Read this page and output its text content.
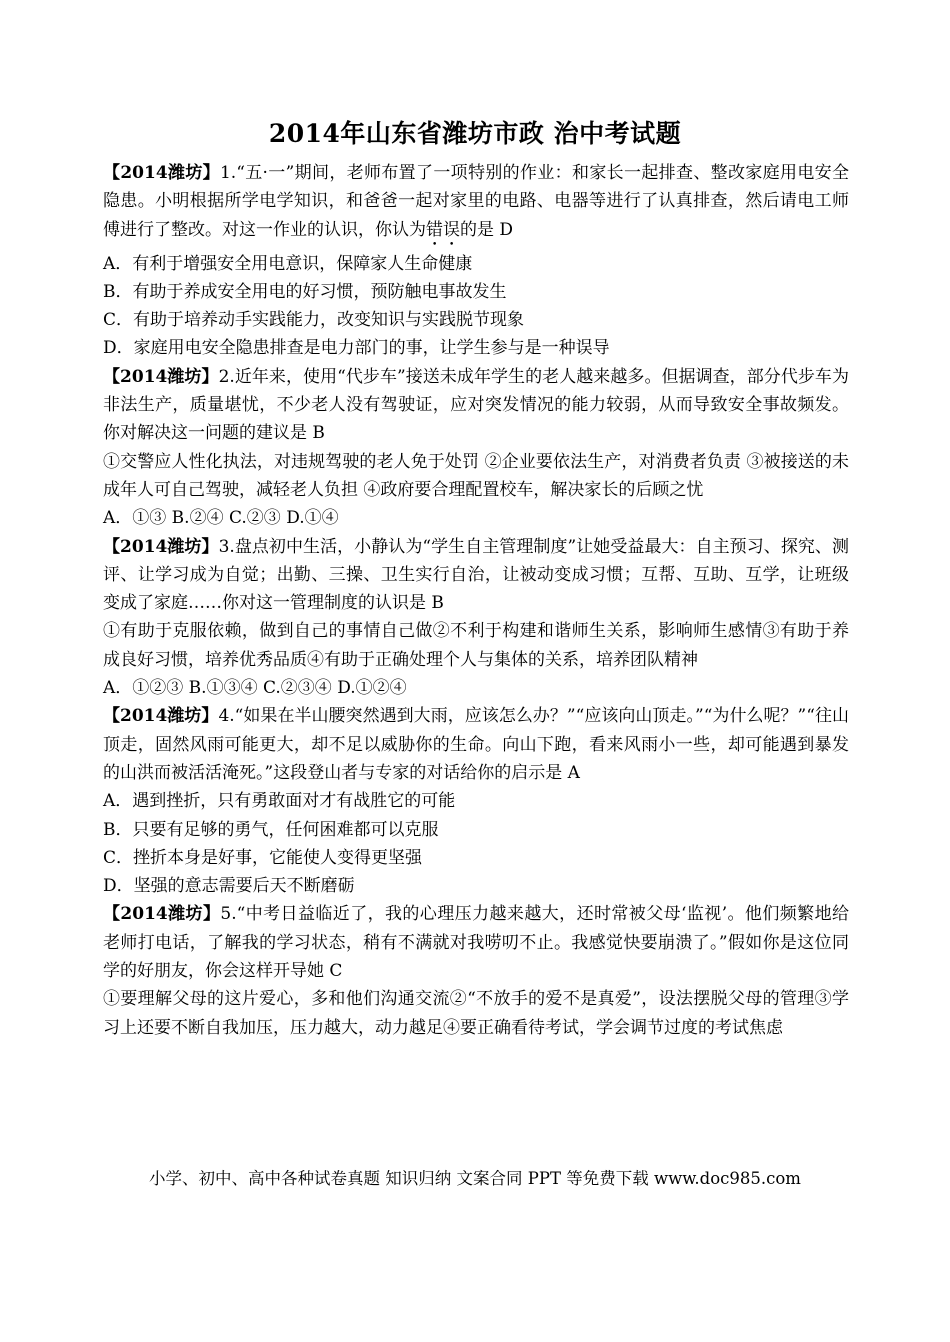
2014年山东省潍坊市政 治中考试题

【2014潍坊】1.“五·一”期间，老师布置了一项特别的作业：和家长一起排查、整改家庭用电安全隐患。小明根据所学电学知识，和爸爸一起对家里的电路、电器等进行了认真排查，然后请电工师傅进行了整改。对这一作业的认识，你认为错误的是 D

A．有利于增强安全用电意识，保障家人生命健康

B．有助于养成安全用电的好习惯，预防触电事故发生

C．有助于培养动手实践能力，改变知识与实践脱节现象

D．家庭用电安全隐患排查是电力部门的事，让学生参与是一种误导

【2014潍坊】2.近年来，使用“代步车”接送未成年学生的老人越来越多。但据调查，部分代步车为非法生产，质量堪忧，不少老人没有驾驶证，应对突发情况的能力较弱，从而导致安全事故频发。你对解决这一问题的建议是 B

①交警应人性化执法，对违规驾驶的老人免于处罚 ②企业要依法生产，对消费者负责 ③被接送的未成年人可自己驾驶，减轻老人负担 ④政府要合理配置校车，解决家长的后顾之忧

A．①③ B.②④ C.②③ D.①④

【2014潍坊】3.盘点初中生活，小静认为“学生自主管理制度”让她受益最大：自主预习、探究、测评、让学习成为自觉；出勤、三操、卫生实行自治，让被动变成习惯；互帮、互助、互学，让班级变成了家庭……你对这一管理制度的认识是 B

①有助于克服依赖，做到自己的事情自己做②不利于构建和谐师生关系，影响师生感情③有助于养成良好习惯，培养优秀品质④有助于正确处理个人与集体的关系，培养团队精神

A．①②③ B.①③④ C.②③④ D.①②④

【2014潍坊】4.“如果在半山腰突然遇到大雨，应该怎么办？”“应该向山顶走。”“为什么呢？”“往山顶走，固然风雨可能更大，却不足以威胁你的生命。向山下跑，看来风雨小一些，却可能遇到暴发的山洪而被活活淹死。”这段登山者与专家的对话给你的启示是 A

A．遇到挫折，只有勇敢面对才有战胜它的可能

B．只要有足够的勇气，任何困难都可以克服

C．挫折本身是好事，它能使人变得更坚强

D．坚强的意志需要后天不断磨砺

【2014潍坊】5.“中考日益临近了，我的心理压力越来越大，还时常被父母‘监视’。他们频繁地给老师打电话，了解我的学习状态，稍有不满就对我唠叨不止。我感觉快要崩溃了。”假如你是这位同学的好朋友，你会这样开导她 C

①要理解父母的这片爱心，多和他们沟通交流②“不放手的爱不是真爱”，设法摆脱父母的管理③学习上还要不断自我加压，压力越大，动力越足④要正确看待考试，学会调节过度的考试焦虑

小学、初中、高中各种试卷真题 知识归纳 文案合同 PPT 等免费下载 www.doc985.com
